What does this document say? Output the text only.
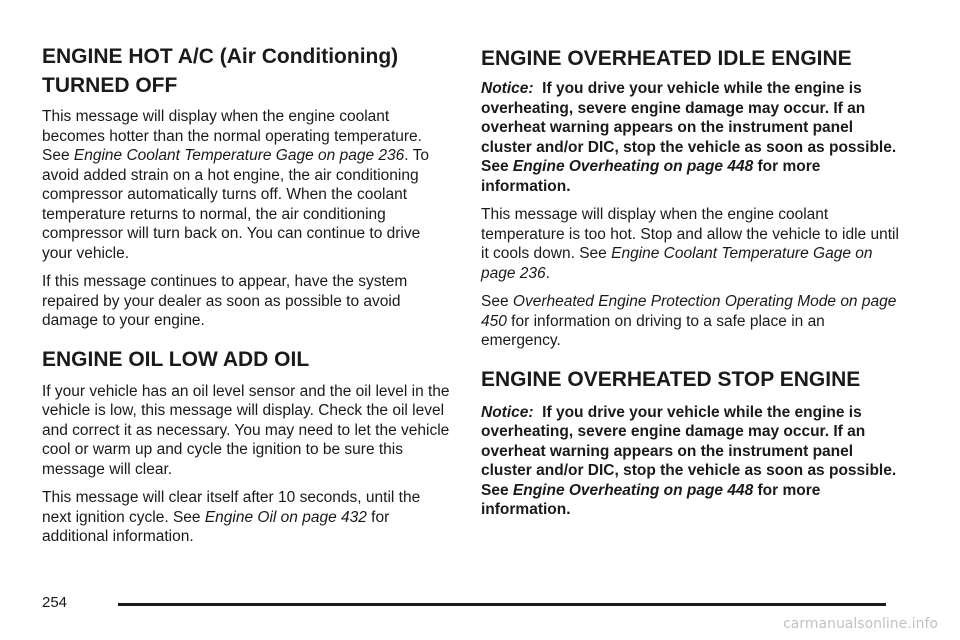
ENGINE HOT A/C (Air Conditioning) TURNED OFF

This message will display when the engine coolant becomes hotter than the normal operating temperature. See Engine Coolant Temperature Gage on page 236. To avoid added strain on a hot engine, the air conditioning compressor automatically turns off. When the coolant temperature returns to normal, the air conditioning compressor will turn back on. You can continue to drive your vehicle.

If this message continues to appear, have the system repaired by your dealer as soon as possible to avoid damage to your engine.

ENGINE OIL LOW ADD OIL

If your vehicle has an oil level sensor and the oil level in the vehicle is low, this message will display. Check the oil level and correct it as necessary. You may need to let the vehicle cool or warm up and cycle the ignition to be sure this message will clear.

This message will clear itself after 10 seconds, until the next ignition cycle. See Engine Oil on page 432 for additional information.

ENGINE OVERHEATED IDLE ENGINE

Notice: If you drive your vehicle while the engine is overheating, severe engine damage may occur. If an overheat warning appears on the instrument panel cluster and/or DIC, stop the vehicle as soon as possible. See Engine Overheating on page 448 for more information.

This message will display when the engine coolant temperature is too hot. Stop and allow the vehicle to idle until it cools down. See Engine Coolant Temperature Gage on page 236.

See Overheated Engine Protection Operating Mode on page 450 for information on driving to a safe place in an emergency.

ENGINE OVERHEATED STOP ENGINE

Notice: If you drive your vehicle while the engine is overheating, severe engine damage may occur. If an overheat warning appears on the instrument panel cluster and/or DIC, stop the vehicle as soon as possible. See Engine Overheating on page 448 for more information.

254
carmanualsonline.info
